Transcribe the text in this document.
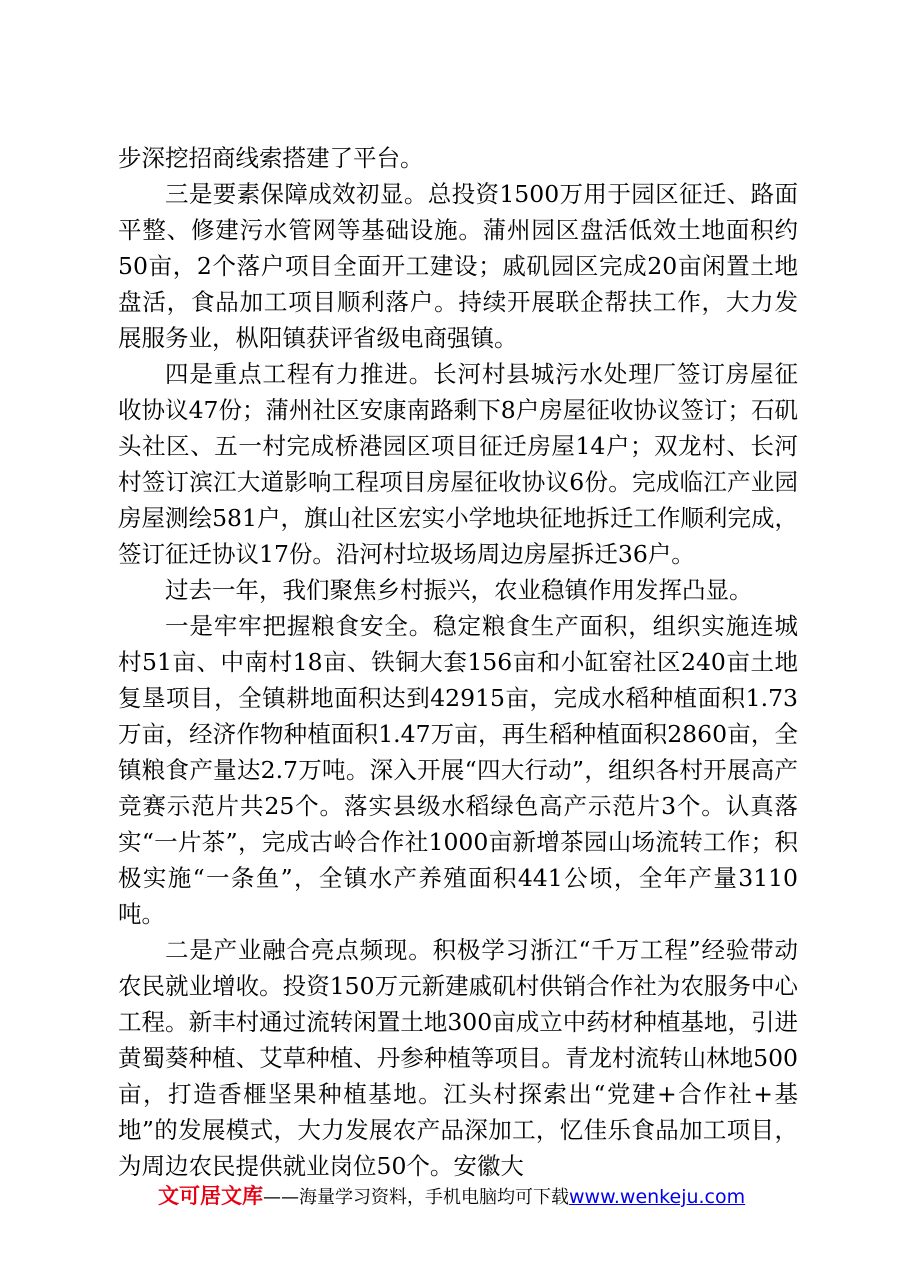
步深挖招商线索搭建了平台。

三是要素保障成效初显。总投资1500万用于园区征迁、路面平整、修建污水管网等基础设施。蒲州园区盘活低效土地面积约50亩，2个落户项目全面开工建设；戚矶园区完成20亩闲置土地盘活，食品加工项目顺利落户。持续开展联企帮扶工作，大力发展服务业，枞阳镇获评省级电商强镇。

四是重点工程有力推进。长河村县城污水处理厂签订房屋征收协议47份；蒲州社区安康南路剩下8户房屋征收协议签订；石矶头社区、五一村完成桥港园区项目征迁房屋14户；双龙村、长河村签订滨江大道影响工程项目房屋征收协议6份。完成临江产业园房屋测绘581户，旗山社区宏实小学地块征地拆迁工作顺利完成，签订征迁协议17份。沿河村垃圾场周边房屋拆迁36户。

过去一年，我们聚焦乡村振兴，农业稳镇作用发挥凸显。

一是牢牢把握粮食安全。稳定粮食生产面积，组织实施连城村51亩、中南村18亩、铁铜大套156亩和小缸窑社区240亩土地复垦项目，全镇耕地面积达到42915亩，完成水稻种植面积1.73万亩，经济作物种植面积1.47万亩，再生稻种植面积2860亩，全镇粮食产量达2.7万吨。深入开展“四大行动”，组织各村开展高产竞赛示范片共25个。落实县级水稻绿色高产示范片3个。认真落实“一片茶”，完成古岭合作社1000亩新增茶园山场流转工作；积极实施“一条鱼”，全镇水产养殖面积441公顷，全年产量3110吨。

二是产业融合亮点频现。积极学习浙江“千万工程”经验带动农民就业增收。投资150万元新建戚矶村供销合作社为农服务中心工程。新丰村通过流转闲置土地300亩成立中药材种植基地，引进黄蜀葵种植、艾草种植、丹参种植等项目。青龙村流转山林地500亩，打造香榧坚果种植基地。江头村探索出“党建+合作社+基地”的发展模式，大力发展农产品深加工，忆佳乐食品加工项目，为周边农民提供就业岗位50个。安徽大

文可居文库——海量学习资料，手机电脑均可下载www.wenkeju.com
